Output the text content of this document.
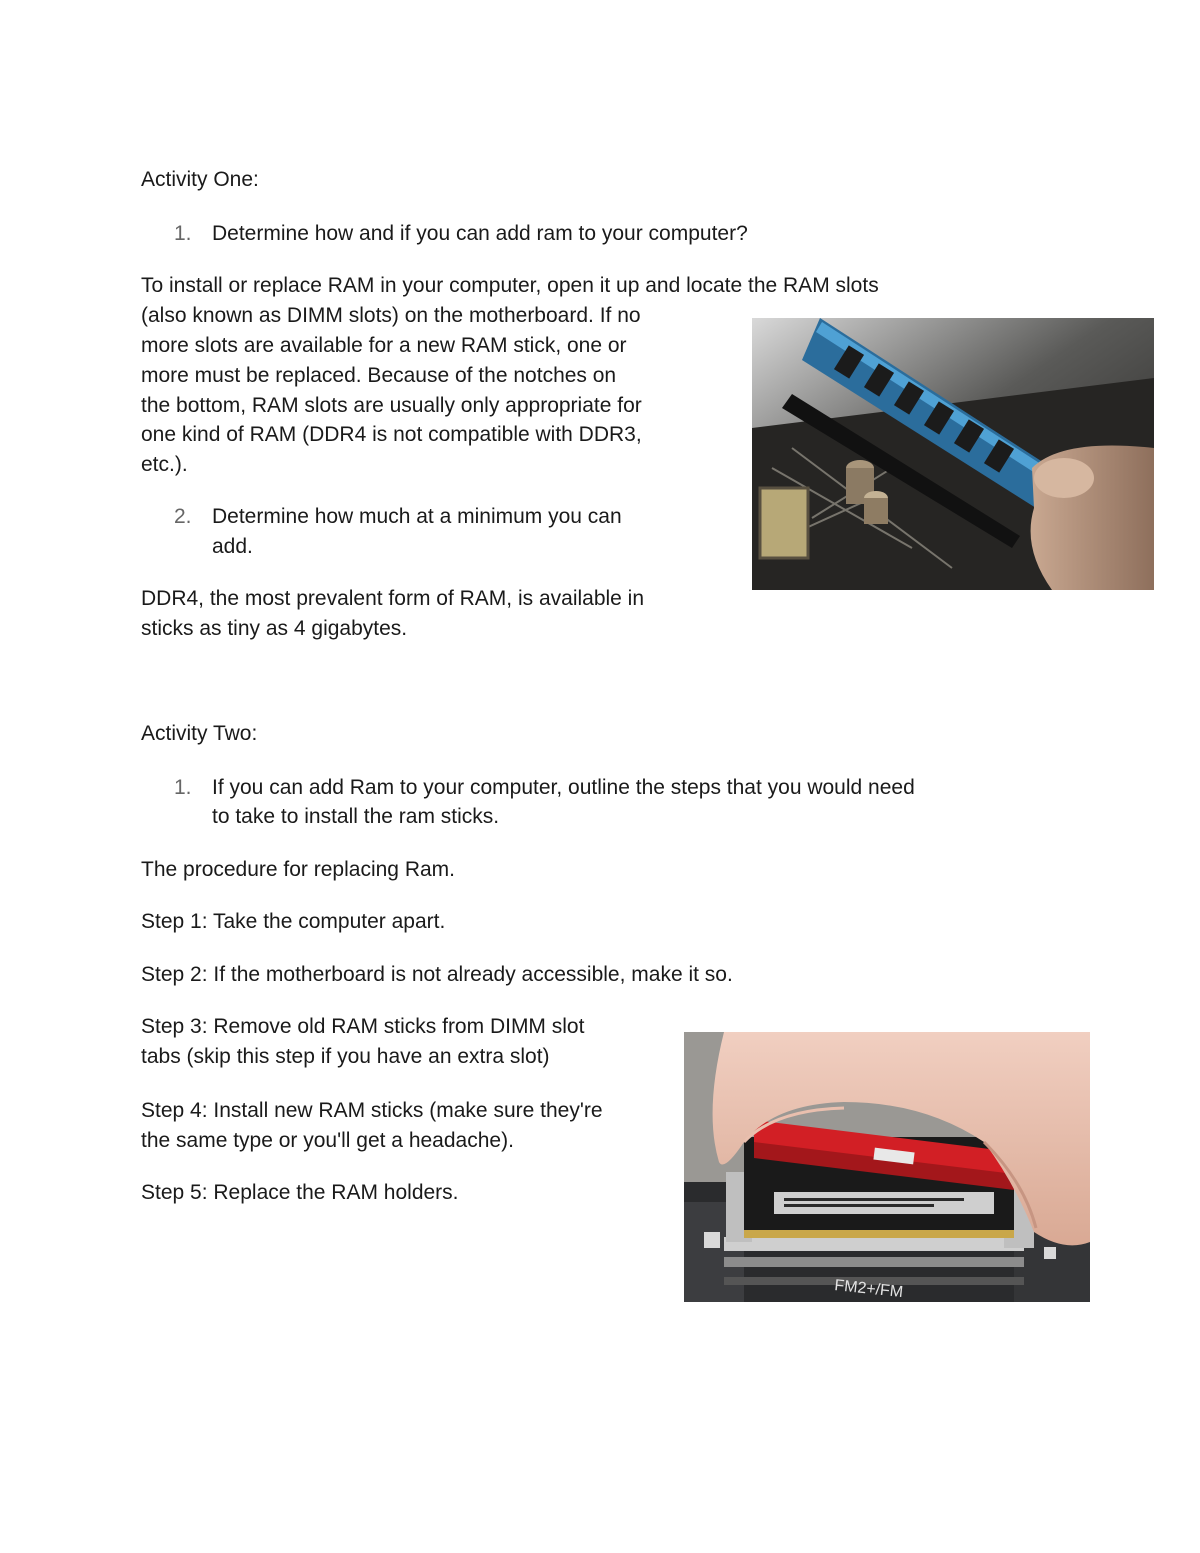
Activity One:

1. Determine how and if you can add ram to your computer?

To install or replace RAM in your computer, open it up and locate the RAM slots

(also known as DIMM slots) on the motherboard. If no

more slots are available for a new RAM stick, one or

more must be replaced. Because of the notches on

the bottom, RAM slots are usually only appropriate for

one kind of RAM (DDR4 is not compatible with DDR3,

etc.).

2. Determine how much at a minimum you can

add.

DDR4, the most prevalent form of RAM, is available in

sticks as tiny as 4 gigabytes.

Activity Two:

1. If you can add Ram to your computer, outline the steps that you would need

to take to install the ram sticks.

The procedure for replacing Ram.

Step 1: Take the computer apart.

Step 2: If the motherboard is not already accessible, make it so.

Step 3: Remove old RAM sticks from DIMM slot

tabs (skip this step if you have an extra slot)

Step 4: Install new RAM sticks (make sure they're

the same type or you'll get a headache).

Step 5: Replace the RAM holders.

FM2+/FM
